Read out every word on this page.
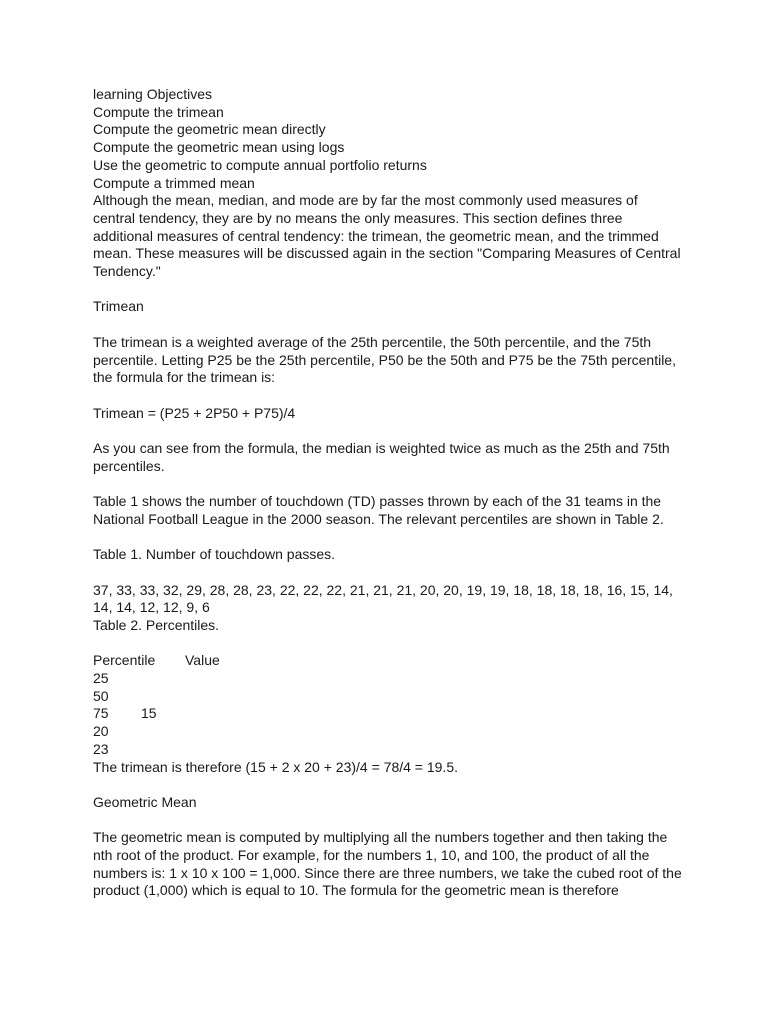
learning Objectives
Compute the trimean
Compute the geometric mean directly
Compute the geometric mean using logs
Use the geometric to compute annual portfolio returns
Compute a trimmed mean

Although the mean, median, and mode are by far the most commonly used measures of central tendency, they are by no means the only measures. This section defines three additional measures of central tendency: the trimean, the geometric mean, and the trimmed mean. These measures will be discussed again in the section "Comparing Measures of Central Tendency."

Trimean

The trimean is a weighted average of the 25th percentile, the 50th percentile, and the 75th percentile. Letting P25 be the 25th percentile, P50 be the 50th and P75 be the 75th percentile, the formula for the trimean is:

Trimean = (P25 + 2P50 + P75)/4

As you can see from the formula, the median is weighted twice as much as the 25th and 75th percentiles.

Table 1 shows the number of touchdown (TD) passes thrown by each of the 31 teams in the National Football League in the 2000 season. The relevant percentiles are shown in Table 2.

Table 1. Number of touchdown passes.

37, 33, 33, 32, 29, 28, 28, 23, 22, 22, 22, 21, 21, 21, 20, 20, 19, 19, 18, 18, 18, 18, 16, 15, 14, 14, 14, 12, 12, 9, 6

Table 2. Percentiles.
Percentile Value
25
50
75 15
20
23
The trimean is therefore (15 + 2 x 20 + 23)/4 = 78/4 = 19.5.
Geometric Mean

The geometric mean is computed by multiplying all the numbers together and then taking the nth root of the product. For example, for the numbers 1, 10, and 100, the product of all the numbers is: 1 x 10 x 100 = 1,000. Since there are three numbers, we take the cubed root of the product (1,000) which is equal to 10. The formula for the geometric mean is therefore
